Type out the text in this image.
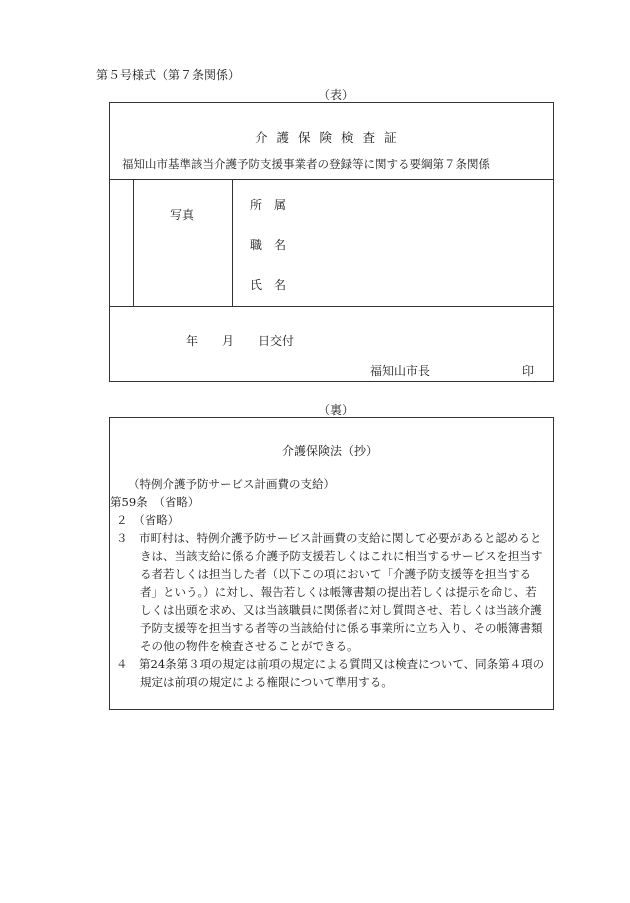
第５号様式（第７条関係）
（表）
介護保険検査証
福知山市基準該当介護予防支援事業者の登録等に関する要綱第７条関係
写真
所　属
職　名
氏　名
年　　月　　日交付
福知山市長	印
（裏）
介護保険法（抄）

（特例介護予防サービス計画費の支給）

第59条　（省略）

２　（省略）

３　市町村は、特例介護予防サービス計画費の支給に関して必要があると認めるときは、当該支給に係る介護予防支援若しくはこれに相当するサービスを担当する者若しくは担当した者（以下この項において「介護予防支援等を担当する者」という。）に対し、報告若しくは帳簿書類の提出若しくは提示を命じ、若しくは出頭を求め、又は当該職員に関係者に対し質問させ、若しくは当該介護予防支援等を担当する者等の当該給付に係る事業所に立ち入り、その帳簿書類その他の物件を検査させることができる。

４　第24条第３項の規定は前項の規定による質問又は検査について、同条第４項の規定は前項の規定による権限について準用する。
